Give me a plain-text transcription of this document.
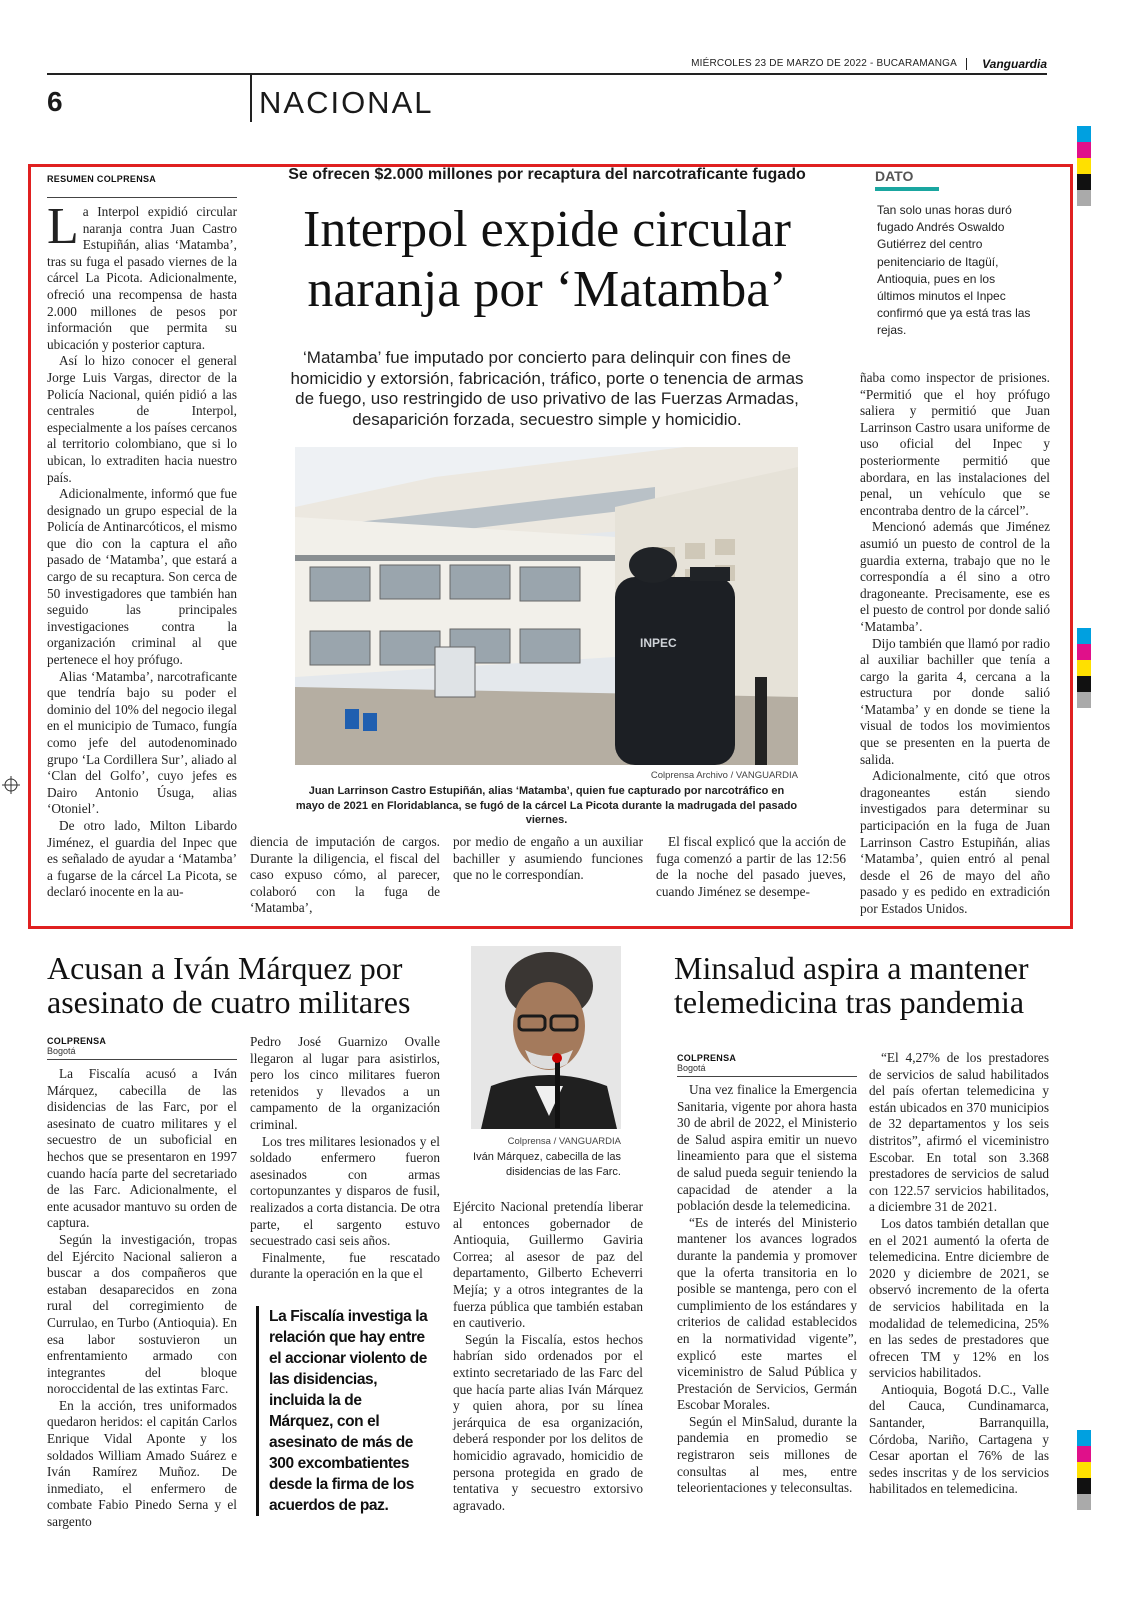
MIÉRCOLES 23 DE MARZO DE 2022 - BUCARAMANGA Vanguardia
6	NACIONAL
RESUMEN COLPRENSA

La Interpol expidió circular naranja contra Juan Castro Estupiñán, alias ‘Matamba’, tras su fuga el pasado viernes de la cárcel La Picota. Adicionalmente, ofreció una recompensa de hasta 2.000 millones de pesos por información que permita su ubicación y posterior captura.

Así lo hizo conocer el general Jorge Luis Vargas, director de la Policía Nacional, quién pidió a las centrales de Interpol, especialmente a los países cercanos al territorio colombiano, que si lo ubican, lo extraditen hacia nuestro país.

Adicionalmente, informó que fue designado un grupo especial de la Policía de Antinarcóticos, el mismo que dio con la captura el año pasado de ‘Matamba’, que estará a cargo de su recaptura. Son cerca de 50 investigadores que también han seguido las principales investigaciones contra la organización criminal al que pertenece el hoy prófugo.

Alias ‘Matamba’, narcotraficante que tendría bajo su poder el dominio del 10% del negocio ilegal en el municipio de Tumaco, fungía como jefe del autodenominado grupo ‘La Cordillera Sur’, aliado al ‘Clan del Golfo’, cuyo jefes es Dairo Antonio Úsuga, alias ‘Otoniel’.

De otro lado, Milton Libardo Jiménez, el guardia del Inpec que es señalado de ayudar a ‘Matamba’ a fugarse de la cárcel La Picota, se declaró inocente en la au-

Se ofrecen $2.000 millones por recaptura del narcotraficante fugado
Interpol expide circular
naranja por ‘Matamba’
‘Matamba’ fue imputado por concierto para delinquir con fines de homicidio y extorsión, fabricación, tráfico, porte o tenencia de armas de fuego, uso restringido de uso privativo de las Fuerzas Armadas, desaparición forzada, secuestro simple y homicidio.
DATO
Tan solo unas horas duró fugado Andrés Oswaldo Gutiérrez del centro penitenciario de Itagüí, Antioquia, pues en los últimos minutos el Inpec confirmó que ya está tras las rejas.
INPEC
Colprensa Archivo / VANGUARDIA
Juan Larrinson Castro Estupiñán, alias ‘Matamba’, quien fue capturado por narcotráfico en mayo de 2021 en Floridablanca, se fugó de la cárcel La Picota durante la madrugada del pasado viernes.

diencia de imputación de cargos. Durante la diligencia, el fiscal del caso expuso cómo, al parecer, colaboró con la fuga de ‘Matamba’,

por medio de engaño a un auxiliar bachiller y asumiendo funciones que no le correspondían.

El fiscal explicó que la acción de fuga comenzó a partir de las 12:56 de la noche del pasado jueves, cuando Jiménez se desempe-

ñaba como inspector de prisiones. “Permitió que el hoy prófugo saliera y permitió que Juan Larrinson Castro usara uniforme de uso oficial del Inpec y posteriormente permitió que abordara, en las instalaciones del penal, un vehículo que se encontraba dentro de la cárcel”.

Mencionó además que Jiménez asumió un puesto de control de la guardia externa, trabajo que no le correspondía a él sino a otro dragoneante. Precisamente, ese es el puesto de control por donde salió ‘Matamba’.

Dijo también que llamó por radio al auxiliar bachiller que tenía a cargo la garita 4, cercana a la estructura por donde salió ‘Matamba’ y en donde se tiene la visual de todos los movimientos que se presenten en la puerta de salida.

Adicionalmente, citó que otros dragoneantes están siendo investigados para determinar su participación en la fuga de Juan Larrinson Castro Estupiñán, alias ‘Matamba’, quien entró al penal desde el 26 de mayo del año pasado y es pedido en extradición por Estados Unidos.

Acusan a Iván Márquez por
asesinato de cuatro militares
COLPRENSA
Bogotá

La Fiscalía acusó a Iván Márquez, cabecilla de las disidencias de las Farc, por el asesinato de cuatro militares y el secuestro de un suboficial en hechos que se presentaron en 1997 cuando hacía parte del secretariado de las Farc. Adicionalmente, el ente acusador mantuvo su orden de captura.

Según la investigación, tropas del Ejército Nacional salieron a buscar a dos compañeros que estaban desaparecidos en zona rural del corregimiento de Currulao, en Turbo (Antioquia). En esa labor sostuvieron un enfrentamiento armado con integrantes del bloque noroccidental de las extintas Farc.

En la acción, tres uniformados quedaron heridos: el capitán Carlos Enrique Vidal Aponte y los soldados William Amado Suárez e Iván Ramírez Muñoz. De inmediato, el enfermero de combate Fabio Pinedo Serna y el sargento

Pedro José Guarnizo Ovalle llegaron al lugar para asistirlos, pero los cinco militares fueron retenidos y llevados a un campamento de la organización criminal.

Los tres militares lesionados y el soldado enfermero fueron asesinados con armas cortopunzantes y disparos de fusil, realizados a corta distancia. De otra parte, el sargento estuvo secuestrado casi seis años.

Finalmente, fue rescatado durante la operación en la que el

La Fiscalía investiga la relación que hay entre el accionar violento de las disidencias, incluida la de Márquez, con el asesinato de más de 300 excombatientes desde la firma de los acuerdos de paz.
Colprensa / VANGUARDIA
Iván Márquez, cabecilla de las disidencias de las Farc.

Ejército Nacional pretendía liberar al entonces gobernador de Antioquia, Guillermo Gaviria Correa; al asesor de paz del departamento, Gilberto Echeverri Mejía; y a otros integrantes de la fuerza pública que también estaban en cautiverio.

Según la Fiscalía, estos hechos habrían sido ordenados por el extinto secretariado de las Farc del que hacía parte alias Iván Márquez y quien ahora, por su línea jerárquica de esa organización, deberá responder por los delitos de homicidio agravado, homicidio de persona protegida en grado de tentativa y secuestro extorsivo agravado.

Minsalud aspira a mantener
telemedicina tras pandemia
COLPRENSA
Bogotá

Una vez finalice la Emergencia Sanitaria, vigente por ahora hasta 30 de abril de 2022, el Ministerio de Salud aspira emitir un nuevo lineamiento para que el sistema de salud pueda seguir teniendo la capacidad de atender a la población desde la telemedicina.

“Es de interés del Ministerio mantener los avances logrados durante la pandemia y promover que la oferta transitoria en lo posible se mantenga, pero con el cumplimiento de los estándares y criterios de calidad establecidos en la normatividad vigente”, explicó este martes el viceministro de Salud Pública y Prestación de Servicios, Germán Escobar Morales.

Según el MinSalud, durante la pandemia en promedio se registraron seis millones de consultas al mes, entre teleorientaciones y teleconsultas.

“El 4,27% de los prestadores de servicios de salud habilitados del país ofertan telemedicina y están ubicados en 370 municipios de 32 departamentos y los seis distritos”, afirmó el viceministro Escobar. En total son 3.368 prestadores de servicios de salud con 122.57 servicios habilitados, a diciembre 31 de 2021.

Los datos también detallan que en el 2021 aumentó la oferta de telemedicina. Entre diciembre de 2020 y diciembre de 2021, se observó incremento de la oferta de servicios habilitada en la modalidad de telemedicina, 25% en las sedes de prestadores que ofrecen TM y 12% en los servicios habilitados.

Antioquia, Bogotá D.C., Valle del Cauca, Cundinamarca, Santander, Barranquilla, Córdoba, Nariño, Cartagena y Cesar aportan el 76% de las sedes inscritas y de los servicios habilitados en telemedicina.
